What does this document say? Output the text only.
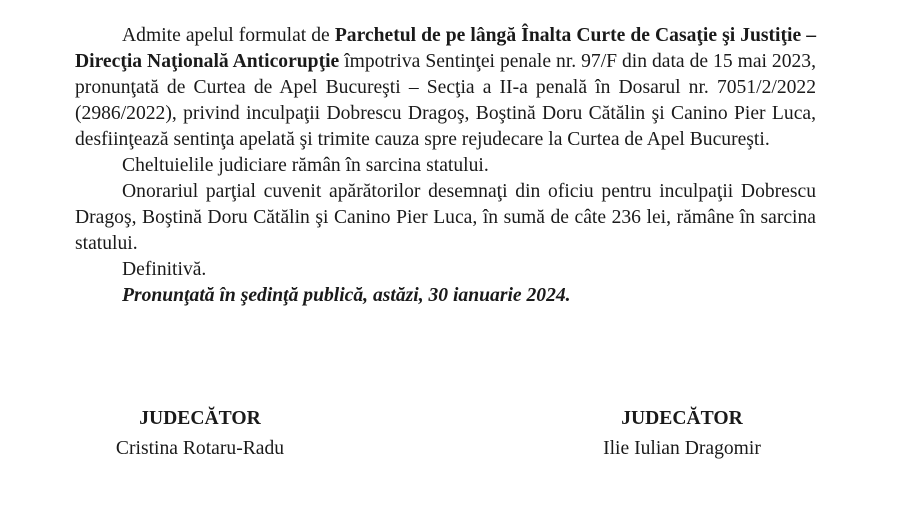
Admite apelul formulat de Parchetul de pe lângă Înalta Curte de Casaţie şi Justiţie – Direcţia Naţională Anticorupţie împotriva Sentinţei penale nr. 97/F din data de 15 mai 2023, pronunţată de Curtea de Apel Bucureşti – Secţia a II-a penală în Dosarul nr. 7051/2/2022 (2986/2022), privind inculpaţii Dobrescu Dragoş, Boştină Doru Cătălin şi Canino Pier Luca, desfiinţează sentinţa apelată şi trimite cauza spre rejudecare la Curtea de Apel Bucureşti.

Cheltuielile judiciare rămân în sarcina statului.

Onorariul parţial cuvenit apărătorilor desemnaţi din oficiu pentru inculpaţii Dobrescu Dragoş, Boştină Doru Cătălin şi Canino Pier Luca, în sumă de câte 236 lei, rămâne în sarcina statului.

Definitivă.

Pronunţată în şedinţă publică, astăzi, 30 ianuarie 2024.

JUDECĂTOR
Cristina Rotaru-Radu
JUDECĂTOR
Ilie Iulian Dragomir
